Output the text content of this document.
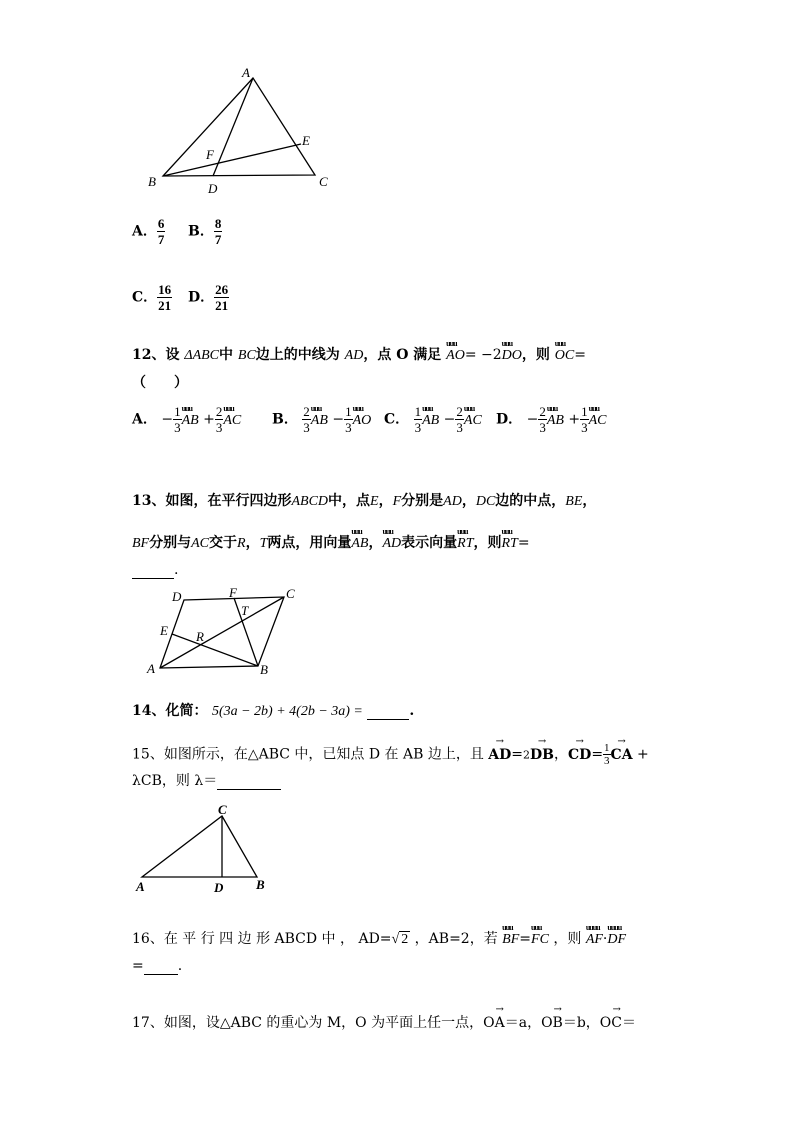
A
B	C
D
E
F
A． $\frac{6}{7}$ B． $\frac{8}{7}$
C． $\frac{16}{21}$ D． $\frac{26}{21}$
12、设 ΔABC中 BC边上的中线为 AD，点 O 满足
uuu
AO= −2
uuu
DO，则
uuu
OC=
（　　）
A． − $\frac{1}{3}$ uuu
AB + $\frac{2}{3}$ uuu
AC B． $\frac{2}{3}$ uuu
AB − $\frac{1}{3}$ uuu
AO C． $\frac{1}{3}$ uuu
AB − $\frac{2}{3}$ uuu
AC D． − $\frac{2}{3}$ uuu
AB + $\frac{1}{3}$ uuu
AC
13、如图，在平行四边形ABCD中，点E，F分别是AD，DC边的中点，BE，
BF分别与AC交于R，T两点，用向量
uuu
AB，
uuu
AD表示向量
uuu
RT，则
uuu
RT=
.
A	B
C
D
E
F
R
T
14、化简： 5(3a − 2b) + 4(2b − 3a) =	.
15、如图所示，在△ABC 中，已知点 D 在 AB 边上，且 → AD=2→ DB，→ $CD= \frac{1}{3}$ → CA +
λCB，则 λ＝
A	B
C
D
16、在 平 行 四 边 形 ABCD 中 ， AD=√ 2 ，AB=2，若
uuu
BF=
uuu
FC ，则
uuuu
AF·
uuuu
DF
= .
17、如图，设△ABC 的重心为 M，O 为平面上任一点，O→ A＝a，O→ B＝b，O→ C＝
